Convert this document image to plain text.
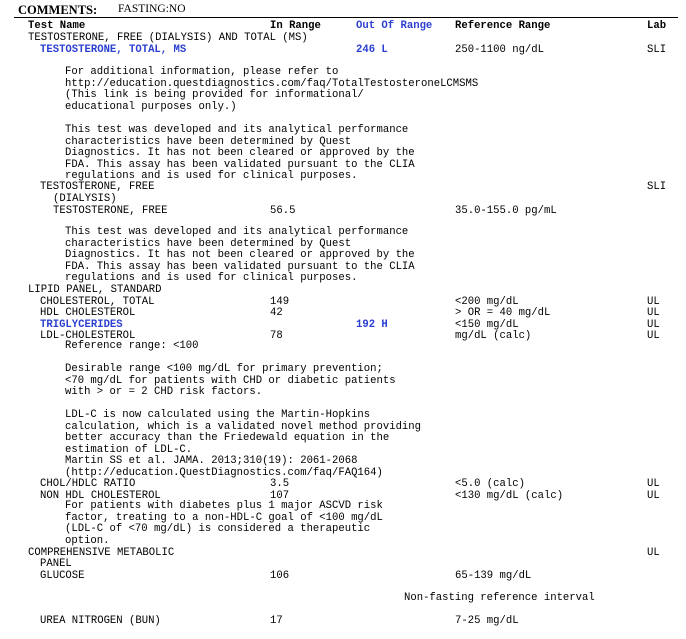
COMMENTS: FASTING:NO
Test Name	In Range	Out Of Range Reference Range	Lab
TESTOSTERONE, FREE (DIALYSIS) AND TOTAL (MS)
TESTOSTERONE, TOTAL, MS	246 L	250-1100 ng/dL	SLI
For additional information, please refer to
http://education.questdiagnostics.com/faq/TotalTestosteroneLCMSMS
(This link is being provided for informational/
educational purposes only.)
This test was developed and its analytical performance
characteristics have been determined by Quest
Diagnostics. It has not been cleared or approved by the
FDA. This assay has been validated pursuant to the CLIA
regulations and is used for clinical purposes.
TESTOSTERONE, FREE	SLI
(DIALYSIS)
TESTOSTERONE, FREE	56.5	35.0-155.0 pg/mL
This test was developed and its analytical performance
characteristics have been determined by Quest
Diagnostics. It has not been cleared or approved by the
FDA. This assay has been validated pursuant to the CLIA
regulations and is used for clinical purposes.
LIPID PANEL, STANDARD
CHOLESTEROL, TOTAL	149	<200 mg/dL	UL
HDL CHOLESTEROL	42	> OR = 40 mg/dL	UL
TRIGLYCERIDES	192 H	<150 mg/dL	UL
LDL-CHOLESTEROL	78	mg/dL (calc)	UL
Reference range: <100

Desirable range <100 mg/dL for primary prevention;
<70 mg/dL for patients with CHD or diabetic patients
with > or = 2 CHD risk factors.

LDL-C is now calculated using the Martin-Hopkins
calculation, which is a validated novel method providing
better accuracy than the Friedewald equation in the
estimation of LDL-C.
Martin SS et al. JAMA. 2013;310(19): 2061-2068
(http://education.QuestDiagnostics.com/faq/FAQ164)
CHOL/HDLC RATIO	3.5	<5.0 (calc)	UL
NON HDL CHOLESTEROL	107	<130 mg/dL (calc)	UL
For patients with diabetes plus 1 major ASCVD risk
factor, treating to a non-HDL-C goal of <100 mg/dL
(LDL-C of <70 mg/dL) is considered a therapeutic
option.
COMPREHENSIVE METABOLIC	UL
PANEL
GLUCOSE	106	65-139 mg/dL
Non-fasting reference interval
UREA NITROGEN (BUN)	17	7-25 mg/dL
